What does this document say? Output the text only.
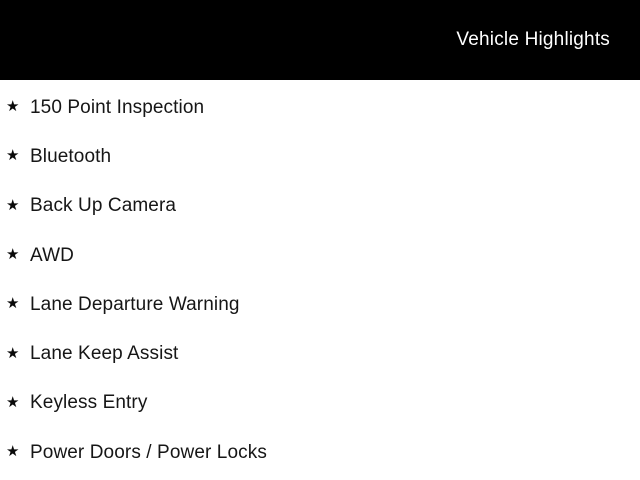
Vehicle Highlights
★ 150 Point Inspection
★ Bluetooth
★ Back Up Camera
★ AWD
★ Lane Departure Warning
★ Lane Keep Assist
★ Keyless Entry
★ Power Doors / Power Locks
